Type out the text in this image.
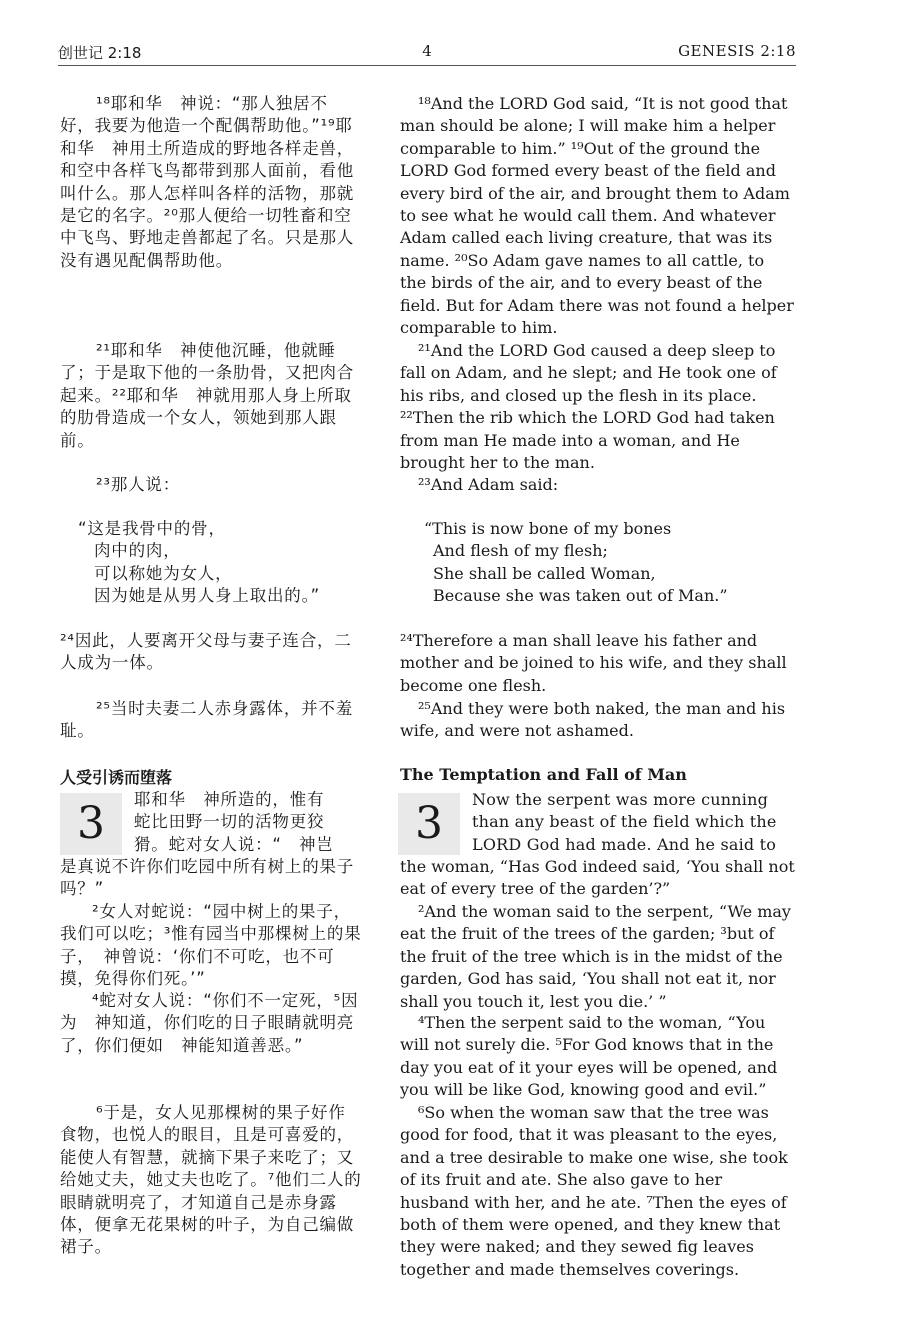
创世记 2:18	4	GENESIS 2:18

¹⁸耶和华　神说：“那人独居不好，我要为他造一个配偶帮助他。”¹⁹耶和华　神用土所造成的野地各样走兽，和空中各样飞鸟都带到那人面前，看他叫什么。那人怎样叫各样的活物，那就是它的名字。²⁰那人便给一切牲畜和空中飞鸟、野地走兽都起了名。只是那人没有遇见配偶帮助他。

²¹耶和华　神使他沉睡，他就睡了；于是取下他的一条肋骨，又把肉合起来。²²耶和华　神就用那人身上所取的肋骨造成一个女人，领她到那人跟前。

²³那人说：

“这是我骨中的骨，
肉中的肉，
可以称她为女人，
因为她是从男人身上取出的。”

²⁴因此，人要离开父母与妻子连合，二人成为一体。

²⁵当时夫妻二人赤身露体，并不羞耻。

人受引诱而堕落
3	耶和华　神所造的，惟有
蛇比田野一切的活物更狡
猾。蛇对女人说：“　神岂

是真说不许你们吃园中所有树上的果子吗？”

²女人对蛇说：“园中树上的果子，我们可以吃；³惟有园当中那棵树上的果子，　神曾说：‘你们不可吃，也不可摸，免得你们死。’”

⁴蛇对女人说：“你们不一定死，⁵因为　神知道，你们吃的日子眼睛就明亮了，你们便如　神能知道善恶。”

⁶于是，女人见那棵树的果子好作食物，也悦人的眼目，且是可喜爱的，能使人有智慧，就摘下果子来吃了；又给她丈夫，她丈夫也吃了。⁷他们二人的眼睛就明亮了，才知道自己是赤身露体，便拿无花果树的叶子，为自己编做裙子。

¹⁸And the LORD God said, “It is not good that man should be alone; I will make him a helper comparable to him.” ¹⁹Out of the ground the LORD God formed every beast of the field and every bird of the air, and brought them to Adam to see what he would call them. And whatever Adam called each living creature, that was its name. ²⁰So Adam gave names to all cattle, to the birds of the air, and to every beast of the field. But for Adam there was not found a helper comparable to him.

²¹And the LORD God caused a deep sleep to fall on Adam, and he slept; and He took one of his ribs, and closed up the flesh in its place. ²²Then the rib which the LORD God had taken from man He made into a woman, and He brought her to the man.

²³And Adam said:

“This is now bone of my bones
And flesh of my flesh;
She shall be called Woman,
Because she was taken out of Man.”

²⁴Therefore a man shall leave his father and mother and be joined to his wife, and they shall become one flesh.

²⁵And they were both naked, the man and his wife, and were not ashamed.

The Temptation and Fall of Man
3	Now the serpent was more cunning
than any beast of the field which the
LORD God had made. And he said to

the woman, “Has God indeed said, ‘You shall not eat of every tree of the garden’?”

²And the woman said to the serpent, “We may eat the fruit of the trees of the garden; ³but of the fruit of the tree which is in the midst of the garden, God has said, ‘You shall not eat it, nor shall you touch it, lest you die.’ ”

⁴Then the serpent said to the woman, “You will not surely die. ⁵For God knows that in the day you eat of it your eyes will be opened, and you will be like God, knowing good and evil.”

⁶So when the woman saw that the tree was good for food, that it was pleasant to the eyes, and a tree desirable to make one wise, she took of its fruit and ate. She also gave to her husband with her, and he ate. ⁷Then the eyes of both of them were opened, and they knew that they were naked; and they sewed fig leaves together and made themselves coverings.
